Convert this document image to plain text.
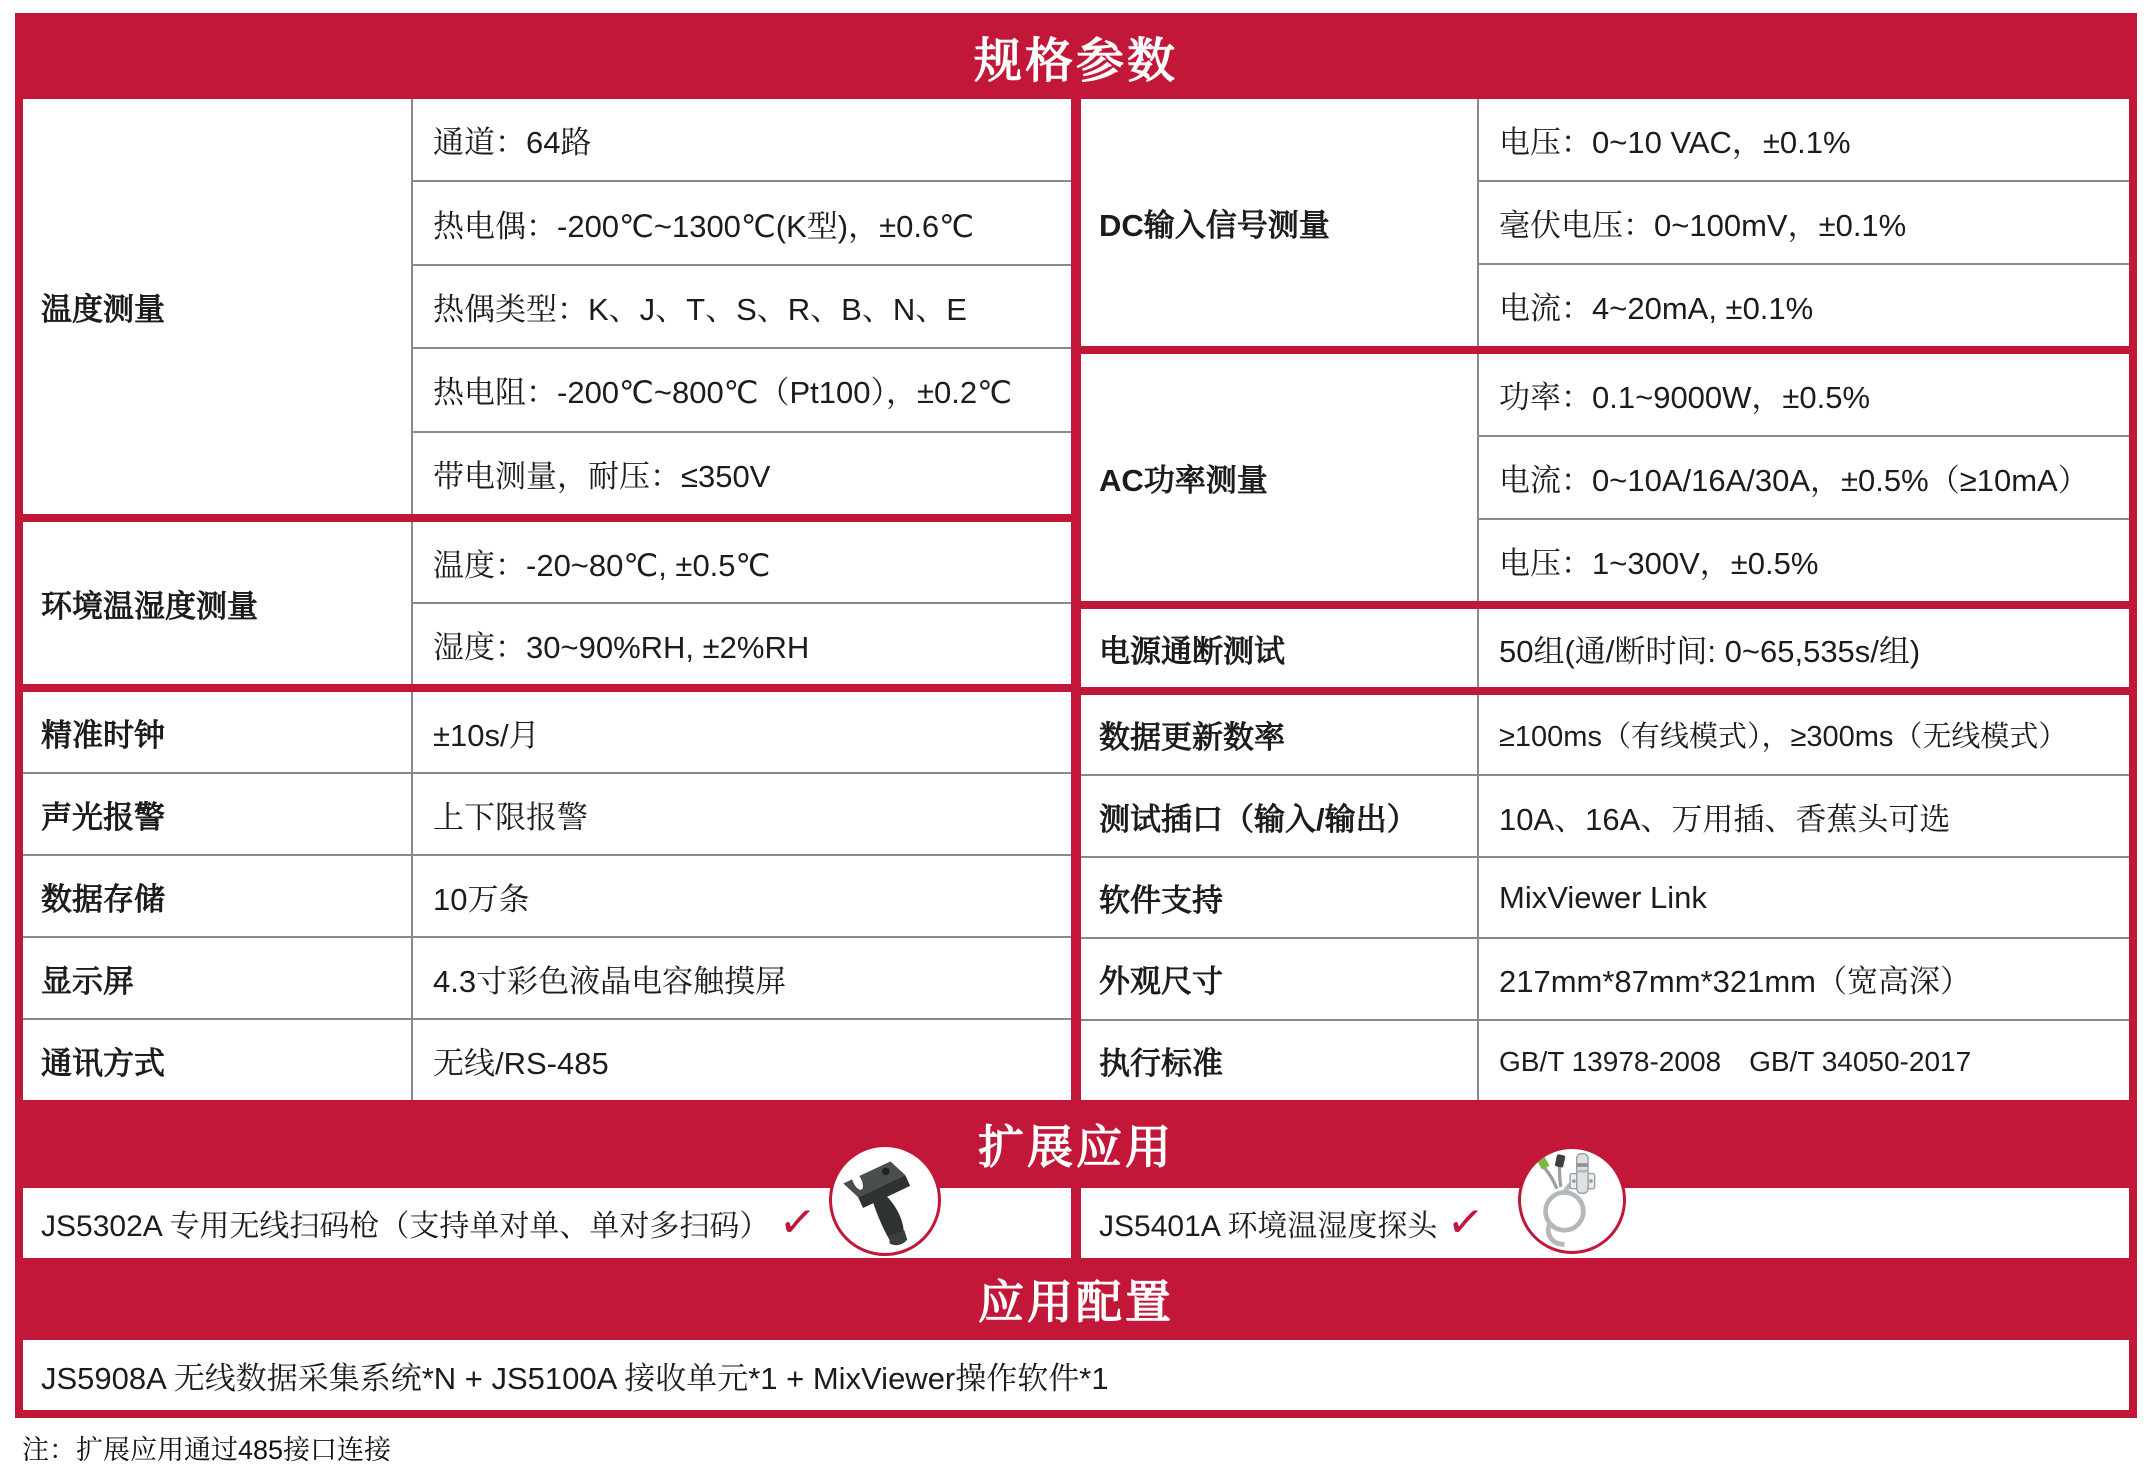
规格参数
温度测量
通道：64路
热电偶：-200℃~1300℃(K型)，±0.6℃
热偶类型：K、J、T、S、R、B、N、E
热电阻：-200℃~800℃（Pt100），±0.2℃
带电测量，耐压：≤350V
环境温湿度测量
温度：-20~80℃, ±0.5℃
湿度：30~90%RH, ±2%RH
精准时钟	±10s/月
声光报警	上下限报警
数据存储	10万条
显示屏	4.3寸彩色液晶电容触摸屏
通讯方式	无线/RS-485
DC输入信号测量
电压：0~10 VAC，±0.1%
毫伏电压：0~100mV，±0.1%
电流：4~20mA, ±0.1%
AC功率测量
功率：0.1~9000W，±0.5%
电流：0~10A/16A/30A，±0.5%（≥10mA）
电压：1~300V，±0.5%
电源通断测试	50组(通/断时间: 0~65,535s/组)
数据更新数率	≥100ms（有线模式），≥300ms（无线模式）
测试插口（输入/输出）	10A、16A、万用插、香蕉头可选
软件支持	MixViewer Link
外观尺寸	217mm*87mm*321mm（宽高深）
执行标准	GB/T 13978-2008　GB/T 34050-2017
扩展应用
JS5302A 专用无线扫码枪（支持单对单、单对多扫码） ✓	JS5401A 环境温湿度探头 ✓
应用配置
JS5908A 无线数据采集系统*N + JS5100A 接收单元*1 + MixViewer操作软件*1
注：扩展应用通过485接口连接
